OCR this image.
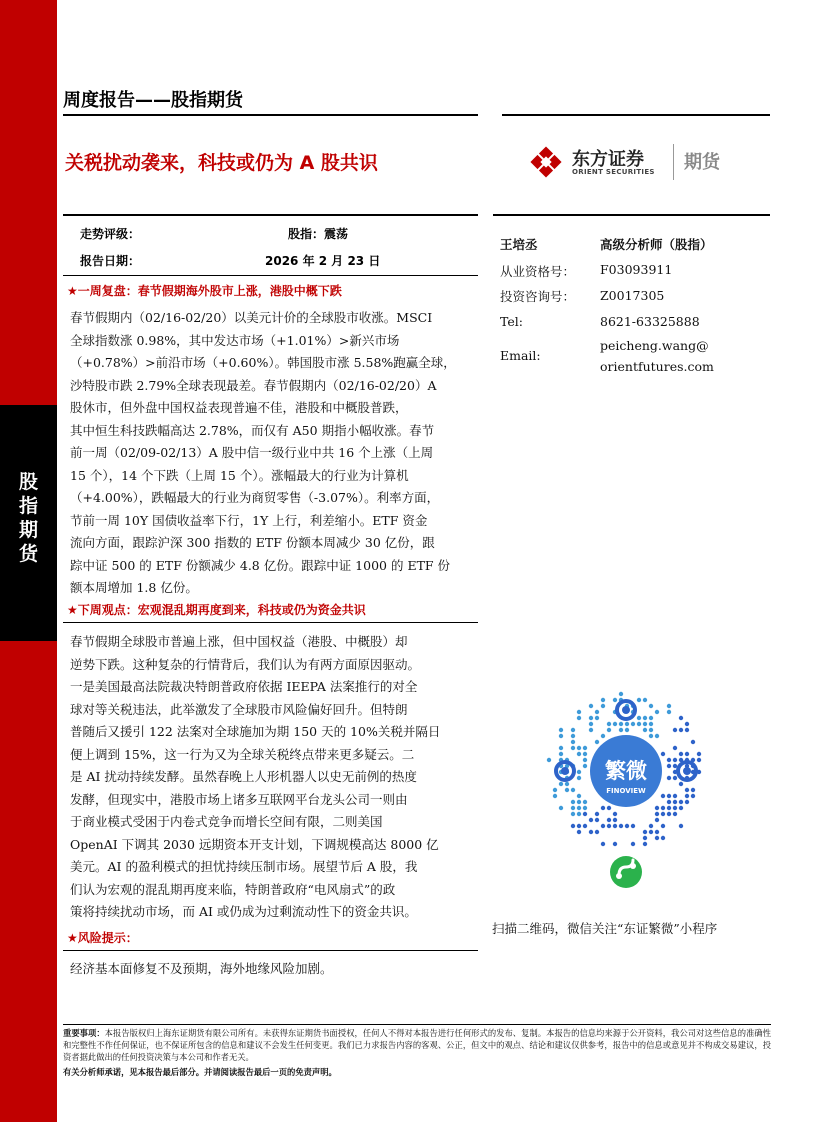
股
指
期
货
周度报告——股指期货
关税扰动袭来，科技或仍为 A 股共识	东方证券
ORIENT SECURITIES 期货
走势评级：	股指：震荡
报告日期：	2026 年 2 月 23 日
★一周复盘：春节假期海外股市上涨，港股中概下跌
春节假期内（02/16-02/20）以美元计价的全球股市收涨。MSCI
全球指数涨 0.98%，其中发达市场（+1.01%）>新兴市场
（+0.78%）>前沿市场（+0.60%）。韩国股市涨 5.58%跑赢全球，
沙特股市跌 2.79%全球表现最差。春节假期内（02/16-02/20）A
股休市，但外盘中国权益表现普遍不佳，港股和中概股普跌，
其中恒生科技跌幅高达 2.78%，而仅有 A50 期指小幅收涨。春节
前一周（02/09-02/13）A 股中信一级行业中共 16 个上涨（上周
15 个），14 个下跌（上周 15 个）。涨幅最大的行业为计算机
（+4.00%），跌幅最大的行业为商贸零售（-3.07%）。利率方面，
节前一周 10Y 国债收益率下行，1Y 上行，利差缩小。ETF 资金
流向方面，跟踪沪深 300 指数的 ETF 份额本周减少 30 亿份，跟
踪中证 500 的 ETF 份额减少 4.8 亿份。跟踪中证 1000 的 ETF 份
额本周增加 1.8 亿份。
★下周观点：宏观混乱期再度到来，科技或仍为资金共识
春节假期全球股市普遍上涨，但中国权益（港股、中概股）却
逆势下跌。这种复杂的行情背后，我们认为有两方面原因驱动。
一是美国最高法院裁决特朗普政府依据 IEEPA 法案推行的对全
球对等关税违法，此举激发了全球股市风险偏好回升。但特朗
普随后又援引 122 法案对全球施加为期 150 天的 10%关税并隔日
便上调到 15%，这一行为又为全球关税终点带来更多疑云。二
是 AI 扰动持续发酵。虽然春晚上人形机器人以史无前例的热度
发酵，但现实中，港股市场上诸多互联网平台龙头公司一则由
于商业模式受困于内卷式竞争而增长空间有限，二则美国
OpenAI 下调其 2030 远期资本开支计划，下调规模高达 8000 亿
美元。AI 的盈利模式的担忧持续压制市场。展望节后 A 股，我
们认为宏观的混乱期再度来临，特朗普政府“电风扇式”的政
策将持续扰动市场，而 AI 或仍成为过剩流动性下的资金共识。
★风险提示：
经济基本面修复不及预期，海外地缘风险加剧。
王培丞	高级分析师（股指）
从业资格号： F03093911
投资咨询号： Z0017305
Tel:	8621-63325888
Email:
peicheng.wang@
orientfutures.com
繁微
FINOVIEW
扫描二维码，微信关注“东证繁微”小程序
重要事项：本报告版权归上海东证期货有限公司所有。未获得东证期货书面授权，任何人不得对本报告进行任何形式的发布、复制。本报告的信息均来源于公开资料，我公司对这些信息的准确性和完整性不作任何保证，也不保证所包含的信息和建议不会发生任何变更。我们已力求报告内容的客观、公正，但文中的观点、结论和建议仅供参考，报告中的信息或意见并不构成交易建议，投资者据此做出的任何投资决策与本公司和作者无关。
有关分析师承诺，见本报告最后部分。并请阅读报告最后一页的免责声明。
